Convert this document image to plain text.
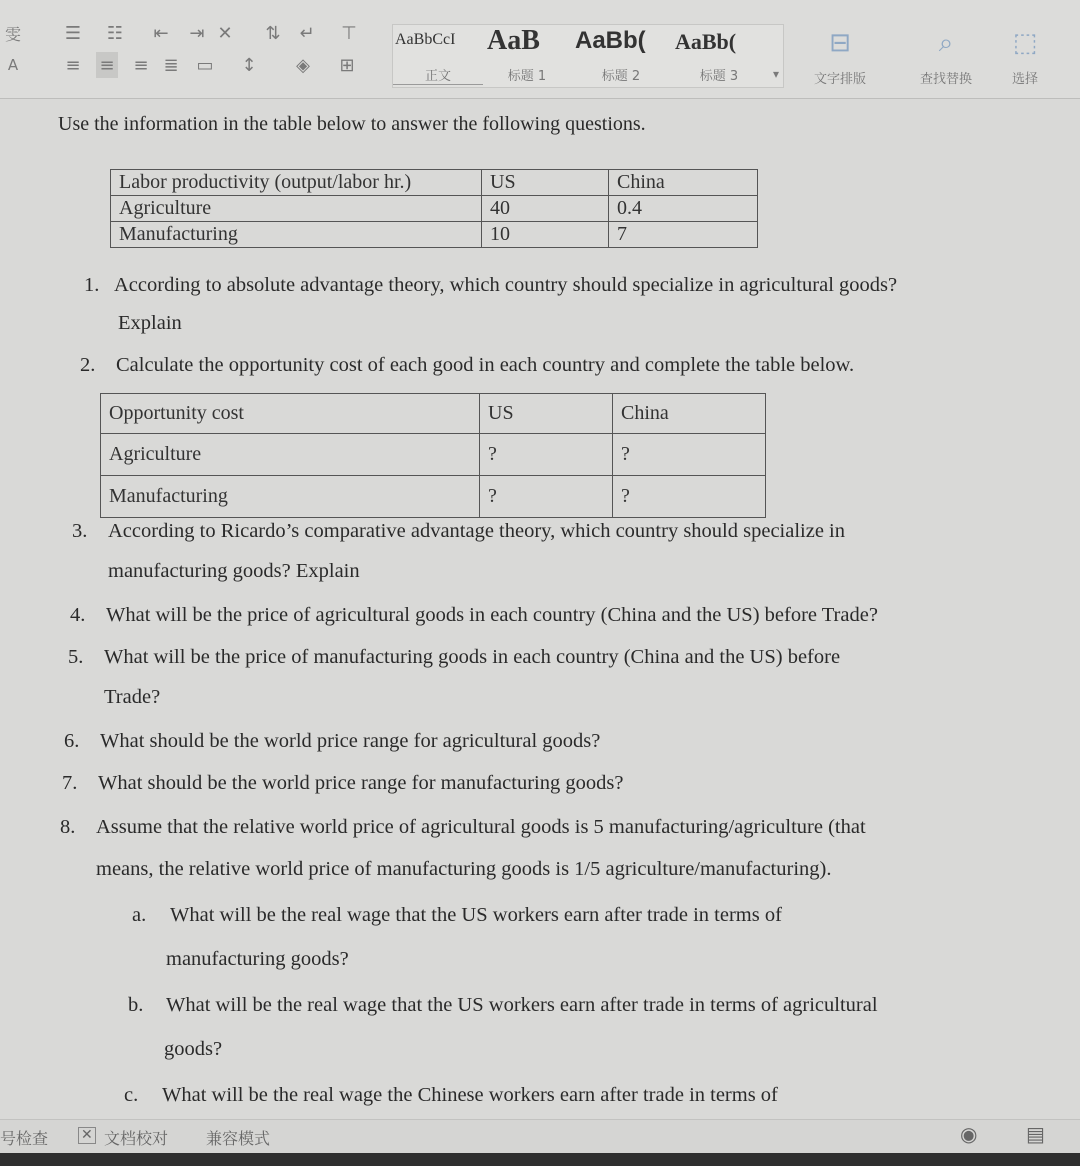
雯 ☰ ☷ ⇤ ⇥ ✕ ⇅ ↵ ⊤
A	≡ ≡ ≡ ≣ ▭ ↕ ◈ ⊞
AaBbCcI
正文
AaB
标题 1
AaBb(
标题 2
AaBb(
标题 3	▾
⊟
文字排版
⌕
查找替换
⬚
选择
Use the information in the table below to answer the following questions.
Labor productivity (output/labor hr.)	US	China
Agriculture	40	0.4
Manufacturing	10	7
1. According to absolute advantage theory, which country should specialize in agricultural goods?
Explain
2. Calculate the opportunity cost of each good in each country and complete the table below.
Opportunity cost	US	China
Agriculture	?	?
Manufacturing	?	?
3. According to Ricardo’s comparative advantage theory, which country should specialize in
manufacturing goods? Explain
4. What will be the price of agricultural goods in each country (China and the US) before Trade?
5. What will be the price of manufacturing goods in each country (China and the US) before
Trade?
6. What should be the world price range for agricultural goods?
7. What should be the world price range for manufacturing goods?
8. Assume that the relative world price of agricultural goods is 5 manufacturing/agriculture (that
means, the relative world price of manufacturing goods is 1/5 agriculture/manufacturing).
a. What will be the real wage that the US workers earn after trade in terms of
manufacturing goods?
b. What will be the real wage that the US workers earn after trade in terms of agricultural
goods?
c. What will be the real wage the Chinese workers earn after trade in terms of
号检查 ✕ 文档校对 兼容模式	◉ ▤
